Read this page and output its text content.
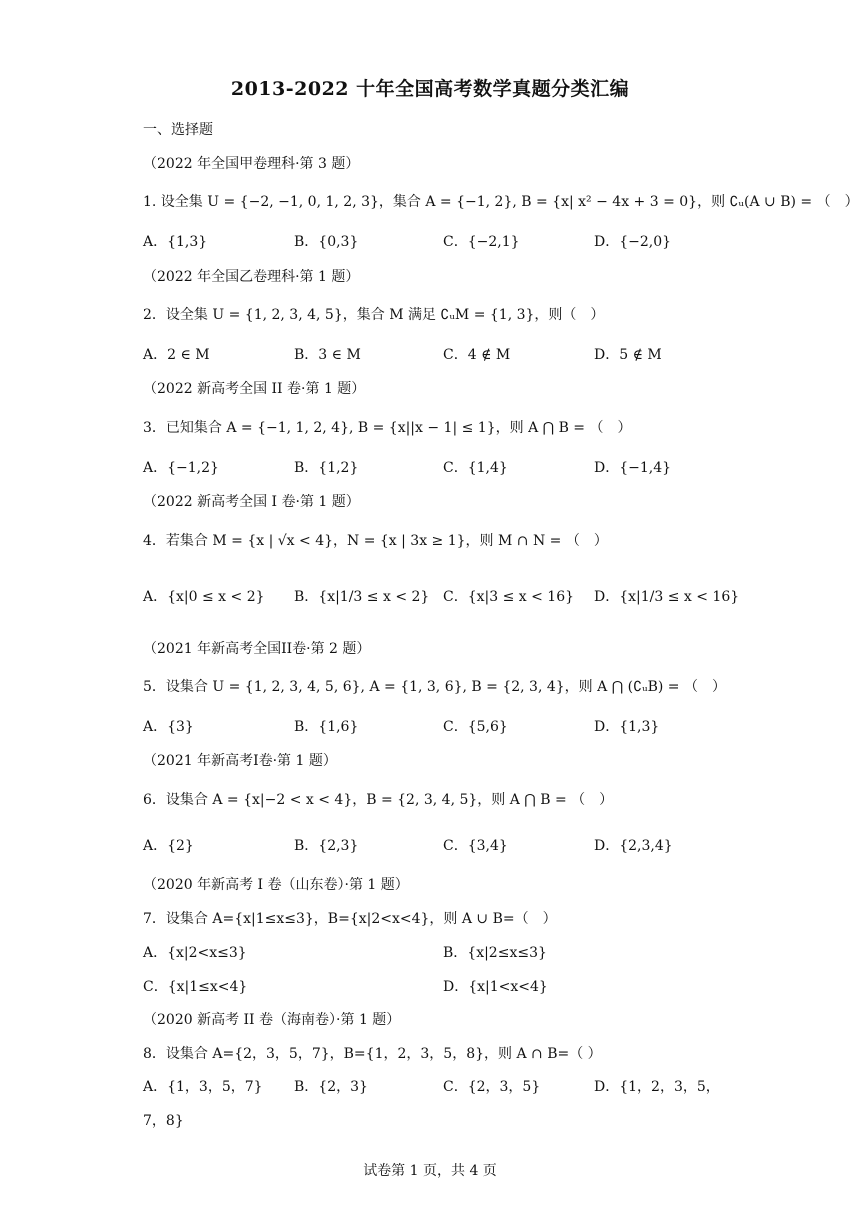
2013-2022 十年全国高考数学真题分类汇编
一、选择题
（2022 年全国甲卷理科·第 3 题）
1. 设全集 U = {−2, −1, 0, 1, 2, 3}，集合 A = {−1, 2}, B = {x| x² − 4x + 3 = 0}，则 ∁ᵤ(A ∪ B) = （　）
A．{1,3}	B．{0,3}	C．{−2,1}	D．{−2,0}
（2022 年全国乙卷理科·第 1 题）
2．设全集 U = {1, 2, 3, 4, 5}，集合 M 满足 ∁ᵤM = {1, 3}，则（　）
A．2 ∈ M	B．3 ∈ M	C．4 ∉ M	D．5 ∉ M
（2022 新高考全国 II 卷·第 1 题）
3．已知集合 A = {−1, 1, 2, 4}, B = {x||x − 1| ≤ 1}，则 A ⋂ B = （　）
A．{−1,2}	B．{1,2}	C．{1,4}	D．{−1,4}
（2022 新高考全国 I 卷·第 1 题）
4．若集合 M = {x | √x < 4}，N = {x | 3x ≥ 1}，则 M ∩ N = （　）
A．{x|0 ≤ x < 2} B．{x|1/3 ≤ x < 2} C．{x|3 ≤ x < 16} D．{x|1/3 ≤ x < 16}
（2021 年新高考全国II卷·第 2 题）
5．设集合 U = {1, 2, 3, 4, 5, 6}, A = {1, 3, 6}, B = {2, 3, 4}，则 A ⋂ (∁ᵤB) = （　）
A．{3}	B．{1,6}	C．{5,6}	D．{1,3}
（2021 年新高考I卷·第 1 题）
6．设集合 A = {x|−2 < x < 4}，B = {2, 3, 4, 5}，则 A ⋂ B = （　）
A．{2}	B．{2,3}	C．{3,4}	D．{2,3,4}
（2020 年新高考 I 卷（山东卷）·第 1 题）
7．设集合 A={x|1≤x≤3}，B={x|2<x<4}，则 A ∪ B=（　）
A．{x|2<x≤3}	B．{x|2≤x≤3}
C．{x|1≤x<4}	D．{x|1<x<4}
（2020 新高考 II 卷（海南卷）·第 1 题）
8．设集合 A={2，3，5，7}，B={1，2，3，5，8}，则 A ∩ B=（ ）
A．{1，3，5，7} B．{2，3}	C．{2，3，5}	D．{1，2，3，5，
7，8}
试卷第 1 页，共 4 页
